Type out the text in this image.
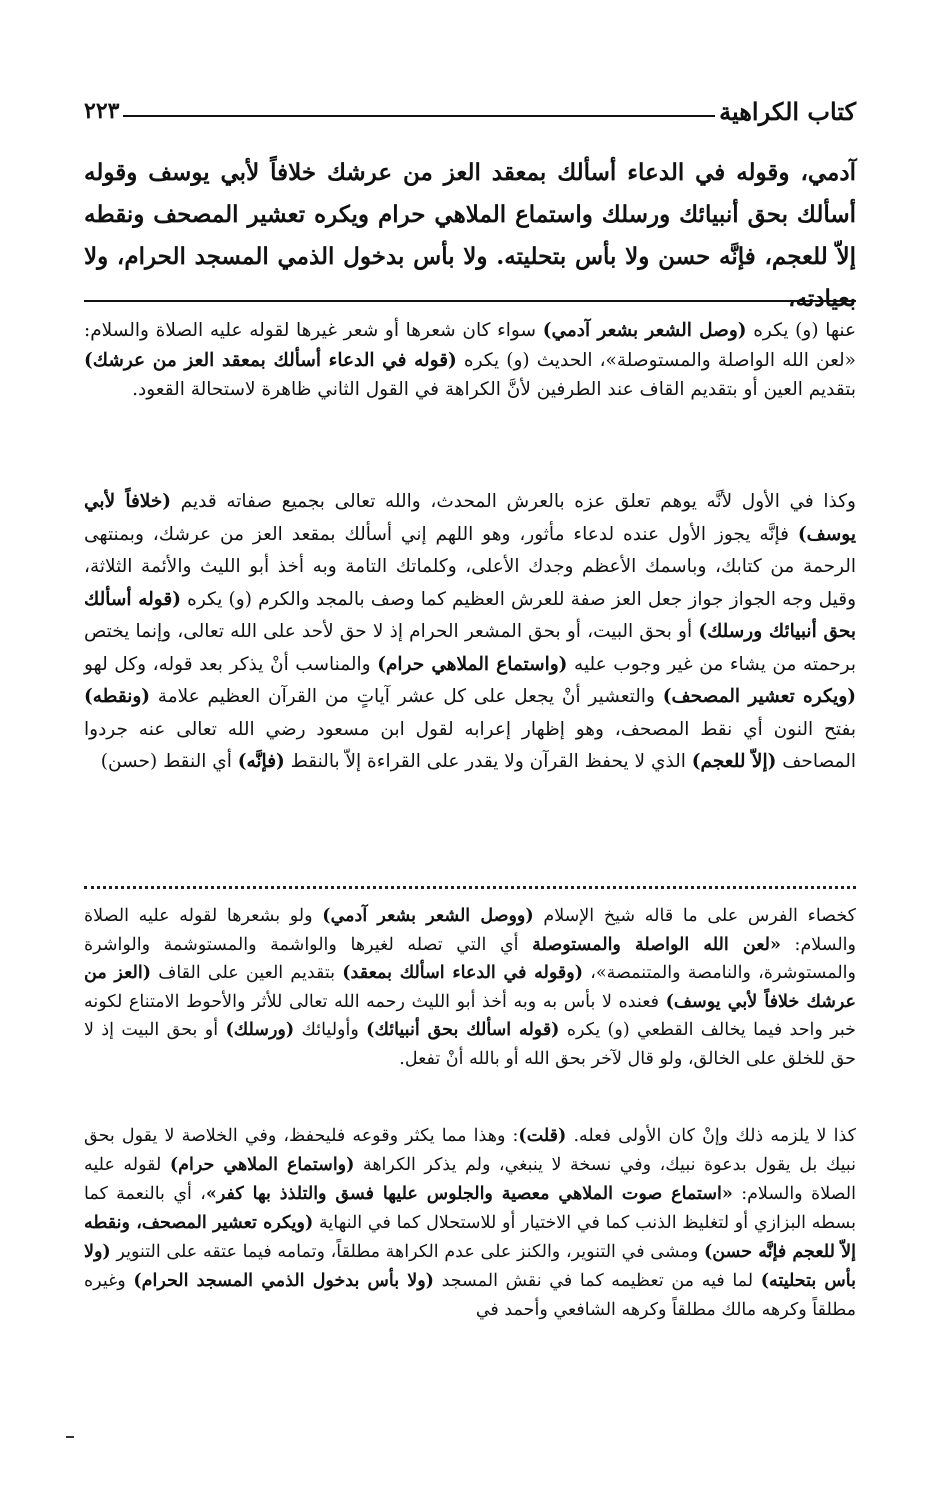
كتاب الكراهية
٢٢٣

آدمي، وقوله في الدعاء أسألك بمعقد العز من عرشك خلافاً لأبي يوسف وقوله أسألك بحق أنبيائك ورسلك واستماع الملاهي حرام ويكره تعشير المصحف ونقطه إلاّ للعجم، فإنَّه حسن ولا بأس بتحليته. ولا بأس بدخول الذمي المسجد الحرام، ولا بعيادته،

عنها (و) يكره (وصل الشعر بشعر آدمي) سواء كان شعرها أو شعر غيرها لقوله عليه الصلاة والسلام: «لعن الله الواصلة والمستوصلة»، الحديث (و) يكره (قوله في الدعاء أسألك بمعقد العز من عرشك) بتقديم العين أو بتقديم القاف عند الطرفين لأنَّ الكراهة في القول الثاني ظاهرة لاستحالة القعود.

وكذا في الأول لأنَّه يوهم تعلق عزه بالعرش المحدث، والله تعالى بجميع صفاته قديم (خلافاً لأبي يوسف) فإنَّه يجوز الأول عنده لدعاء مأثور، وهو اللهم إني أسألك بمقعد العز من عرشك، وبمنتهى الرحمة من كتابك، وباسمك الأعظم وجدك الأعلى، وكلماتك التامة وبه أخذ أبو الليث والأئمة الثلاثة، وقيل وجه الجواز جواز جعل العز صفة للعرش العظيم كما وصف بالمجد والكرم (و) يكره (قوله أسألك بحق أنبيائك ورسلك) أو بحق البيت، أو بحق المشعر الحرام إذ لا حق لأحد على الله تعالى، وإنما يختص برحمته من يشاء من غير وجوب عليه (واستماع الملاهي حرام) والمناسب أنْ يذكر بعد قوله، وكل لهو (ويكره تعشير المصحف) والتعشير أنْ يجعل على كل عشر آياتٍ من القرآن العظيم علامة (ونقطه) بفتح النون أي نقط المصحف، وهو إظهار إعرابه لقول ابن مسعود رضي الله تعالى عنه جردوا المصاحف (إلاّ للعجم) الذي لا يحفظ القرآن ولا يقدر على القراءة إلاّ بالنقط (فإنَّه) أي النقط (حسن)

كخصاء الفرس على ما قاله شيخ الإسلام (ووصل الشعر بشعر آدمي) ولو بشعرها لقوله عليه الصلاة والسلام: «لعن الله الواصلة والمستوصلة أي التي تصله لغيرها والواشمة والمستوشمة والواشرة والمستوشرة، والنامصة والمتنمصة»، (وقوله في الدعاء اسألك بمعقد) بتقديم العين على القاف (العز من عرشك خلافاً لأبي يوسف) فعنده لا بأس به وبه أخذ أبو الليث رحمه الله تعالى للأثر والأحوط الامتناع لكونه خبر واحد فيما يخالف القطعي (و) يكره (قوله اسألك بحق أنبيائك) وأوليائك (ورسلك) أو بحق البيت إذ لا حق للخلق على الخالق، ولو قال لآخر بحق الله أو بالله أنْ تفعل.

كذا لا يلزمه ذلك وإنْ كان الأولى فعله. (قلت): وهذا مما يكثر وقوعه فليحفظ، وفي الخلاصة لا يقول بحق نبيك بل يقول بدعوة نبيك، وفي نسخة لا ينبغي، ولم يذكر الكراهة (واستماع الملاهي حرام) لقوله عليه الصلاة والسلام: «استماع صوت الملاهي معصية والجلوس عليها فسق والتلذذ بها كفر»، أي بالنعمة كما بسطه البزازي أو لتغليظ الذنب كما في الاختيار أو للاستحلال كما في النهاية (ويكره تعشير المصحف، ونقطه إلاّ للعجم فإنَّه حسن) ومشى في التنوير، والكنز على عدم الكراهة مطلقاً، وتمامه فيما عتقه على التنوير (ولا بأس بتحليته) لما فيه من تعظيمه كما في نقش المسجد (ولا بأس بدخول الذمي المسجد الحرام) وغيره مطلقاً وكرهه مالك مطلقاً وكرهه الشافعي وأحمد في
